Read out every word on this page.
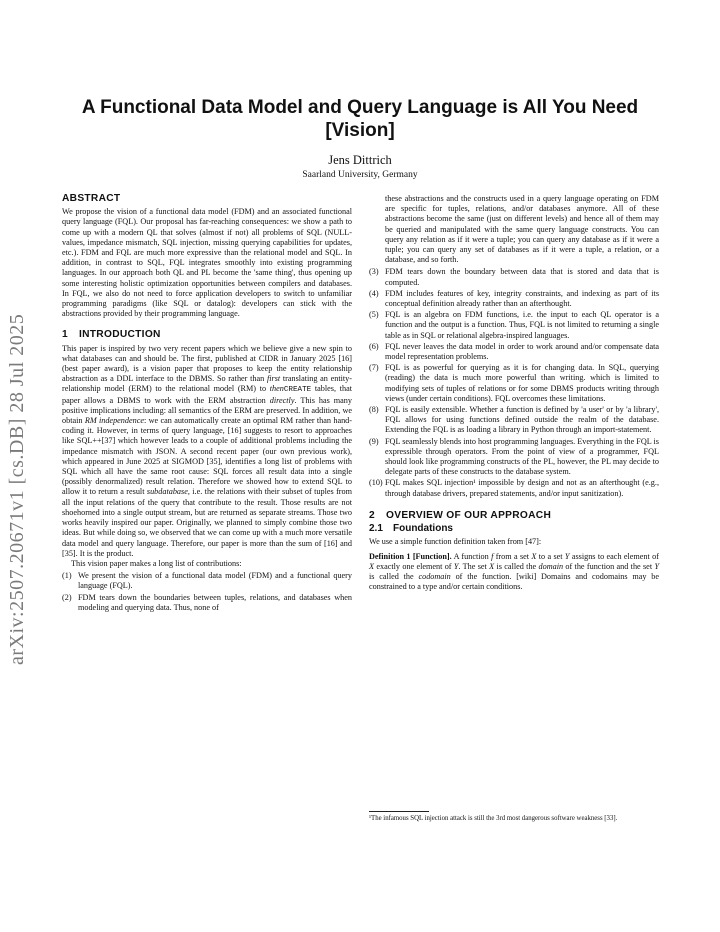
arXiv:2507.20671v1 [cs.DB] 28 Jul 2025
A Functional Data Model and Query Language is All You Need [Vision]
Jens Dittrich
Saarland University, Germany
ABSTRACT

We propose the vision of a functional data model (FDM) and an associated functional query language (FQL). Our proposal has far-reaching consequences: we show a path to come up with a modern QL that solves (almost if not) all problems of SQL (NULL-values, impedance mismatch, SQL injection, missing querying capabilities for updates, etc.). FDM and FQL are much more expressive than the relational model and SQL. In addition, in contrast to SQL, FQL integrates smoothly into existing programming languages. In our approach both QL and PL become the 'same thing', thus opening up some interesting holistic optimization opportunities between compilers and databases. In FQL, we also do not need to force application developers to switch to unfamiliar programming paradigms (like SQL or datalog): developers can stick with the abstractions provided by their programming language.

1 INTRODUCTION

This paper is inspired by two very recent papers which we believe give a new spin to what databases can and should be. The first, published at CIDR in January 2025 [16] (best paper award), is a vision paper that proposes to keep the entity relationship abstraction as a DDL interface to the DBMS. So rather than first translating an entity-relationship model (ERM) to the relational model (RM) to thenCREATE tables, that paper allows a DBMS to work with the ERM abstraction directly. This has many positive implications including: all semantics of the ERM are preserved. In addition, we obtain RM independence: we can automatically create an optimal RM rather than hand-coding it. However, in terms of query language, [16] suggests to resort to approaches like SQL++[37] which however leads to a couple of additional problems including the impedance mismatch with JSON. A second recent paper (our own previous work), which appeared in June 2025 at SIGMOD [35], identifies a long list of problems with SQL which all have the same root cause: SQL forces all result data into a single (possibly denormalized) result relation. Therefore we showed how to extend SQL to allow it to return a result subdatabase, i.e. the relations with their subset of tuples from all the input relations of the query that contribute to the result. Those results are not shoehorned into a single output stream, but are returned as separate streams. Those two works heavily inspired our paper. Originally, we planned to simply combine those two ideas. But while doing so, we observed that we can come up with a much more versatile data model and query language. Therefore, our paper is more than the sum of [16] and [35]. It is the product.

This vision paper makes a long list of contributions:

(1) We present the vision of a functional data model (FDM) and a functional query language (FQL).
(2) FDM tears down the boundaries between tuples, relations, and databases when modeling and querying data. Thus, none of

these abstractions and the constructs used in a query language operating on FDM are specific for tuples, relations, and/or databases anymore. All of these abstractions become the same (just on different levels) and hence all of them may be queried and manipulated with the same query language constructs. You can query any relation as if it were a tuple; you can query any database as if it were a tuple; you can query any set of databases as if it were a tuple, a relation, or a database, and so forth.

(3) FDM tears down the boundary between data that is stored and data that is computed.
(4) FDM includes features of key, integrity constraints, and indexing as part of its conceptual definition already rather than an afterthought.
(5) FQL is an algebra on FDM functions, i.e. the input to each QL operator is a function and the output is a function. Thus, FQL is not limited to returning a single table as in SQL or relational algebra-inspired languages.
(6) FQL never leaves the data model in order to work around and/or compensate data model representation problems.
(7) FQL is as powerful for querying as it is for changing data. In SQL, querying (reading) the data is much more powerful than writing. which is limited to modifying sets of tuples of relations or for some DBMS products writing through views (under certain conditions). FQL overcomes these limitations.
(8) FQL is easily extensible. Whether a function is defined by 'a user' or by 'a library', FQL allows for using functions defined outside the realm of the database. Extending the FQL is as loading a library in Python through an import-statement.
(9) FQL seamlessly blends into host programming languages. Everything in the FQL is expressible through operators. From the point of view of a programmer, FQL should look like programming constructs of the PL, however, the PL may decide to delegate parts of these constructs to the database system.
(10) FQL makes SQL injection¹ impossible by design and not as an afterthought (e.g., through database drivers, prepared statements, and/or input sanitization).
2 OVERVIEW OF OUR APPROACH
2.1 Foundations

We use a simple function definition taken from [47]:

Definition 1 [Function]. A function f from a set X to a set Y assigns to each element of X exactly one element of Y. The set X is called the domain of the function and the set Y is called the codomain of the function. [wiki] Domains and codomains may be constrained to a type and/or certain conditions.

¹The infamous SQL injection attack is still the 3rd most dangerous software weakness [33].
